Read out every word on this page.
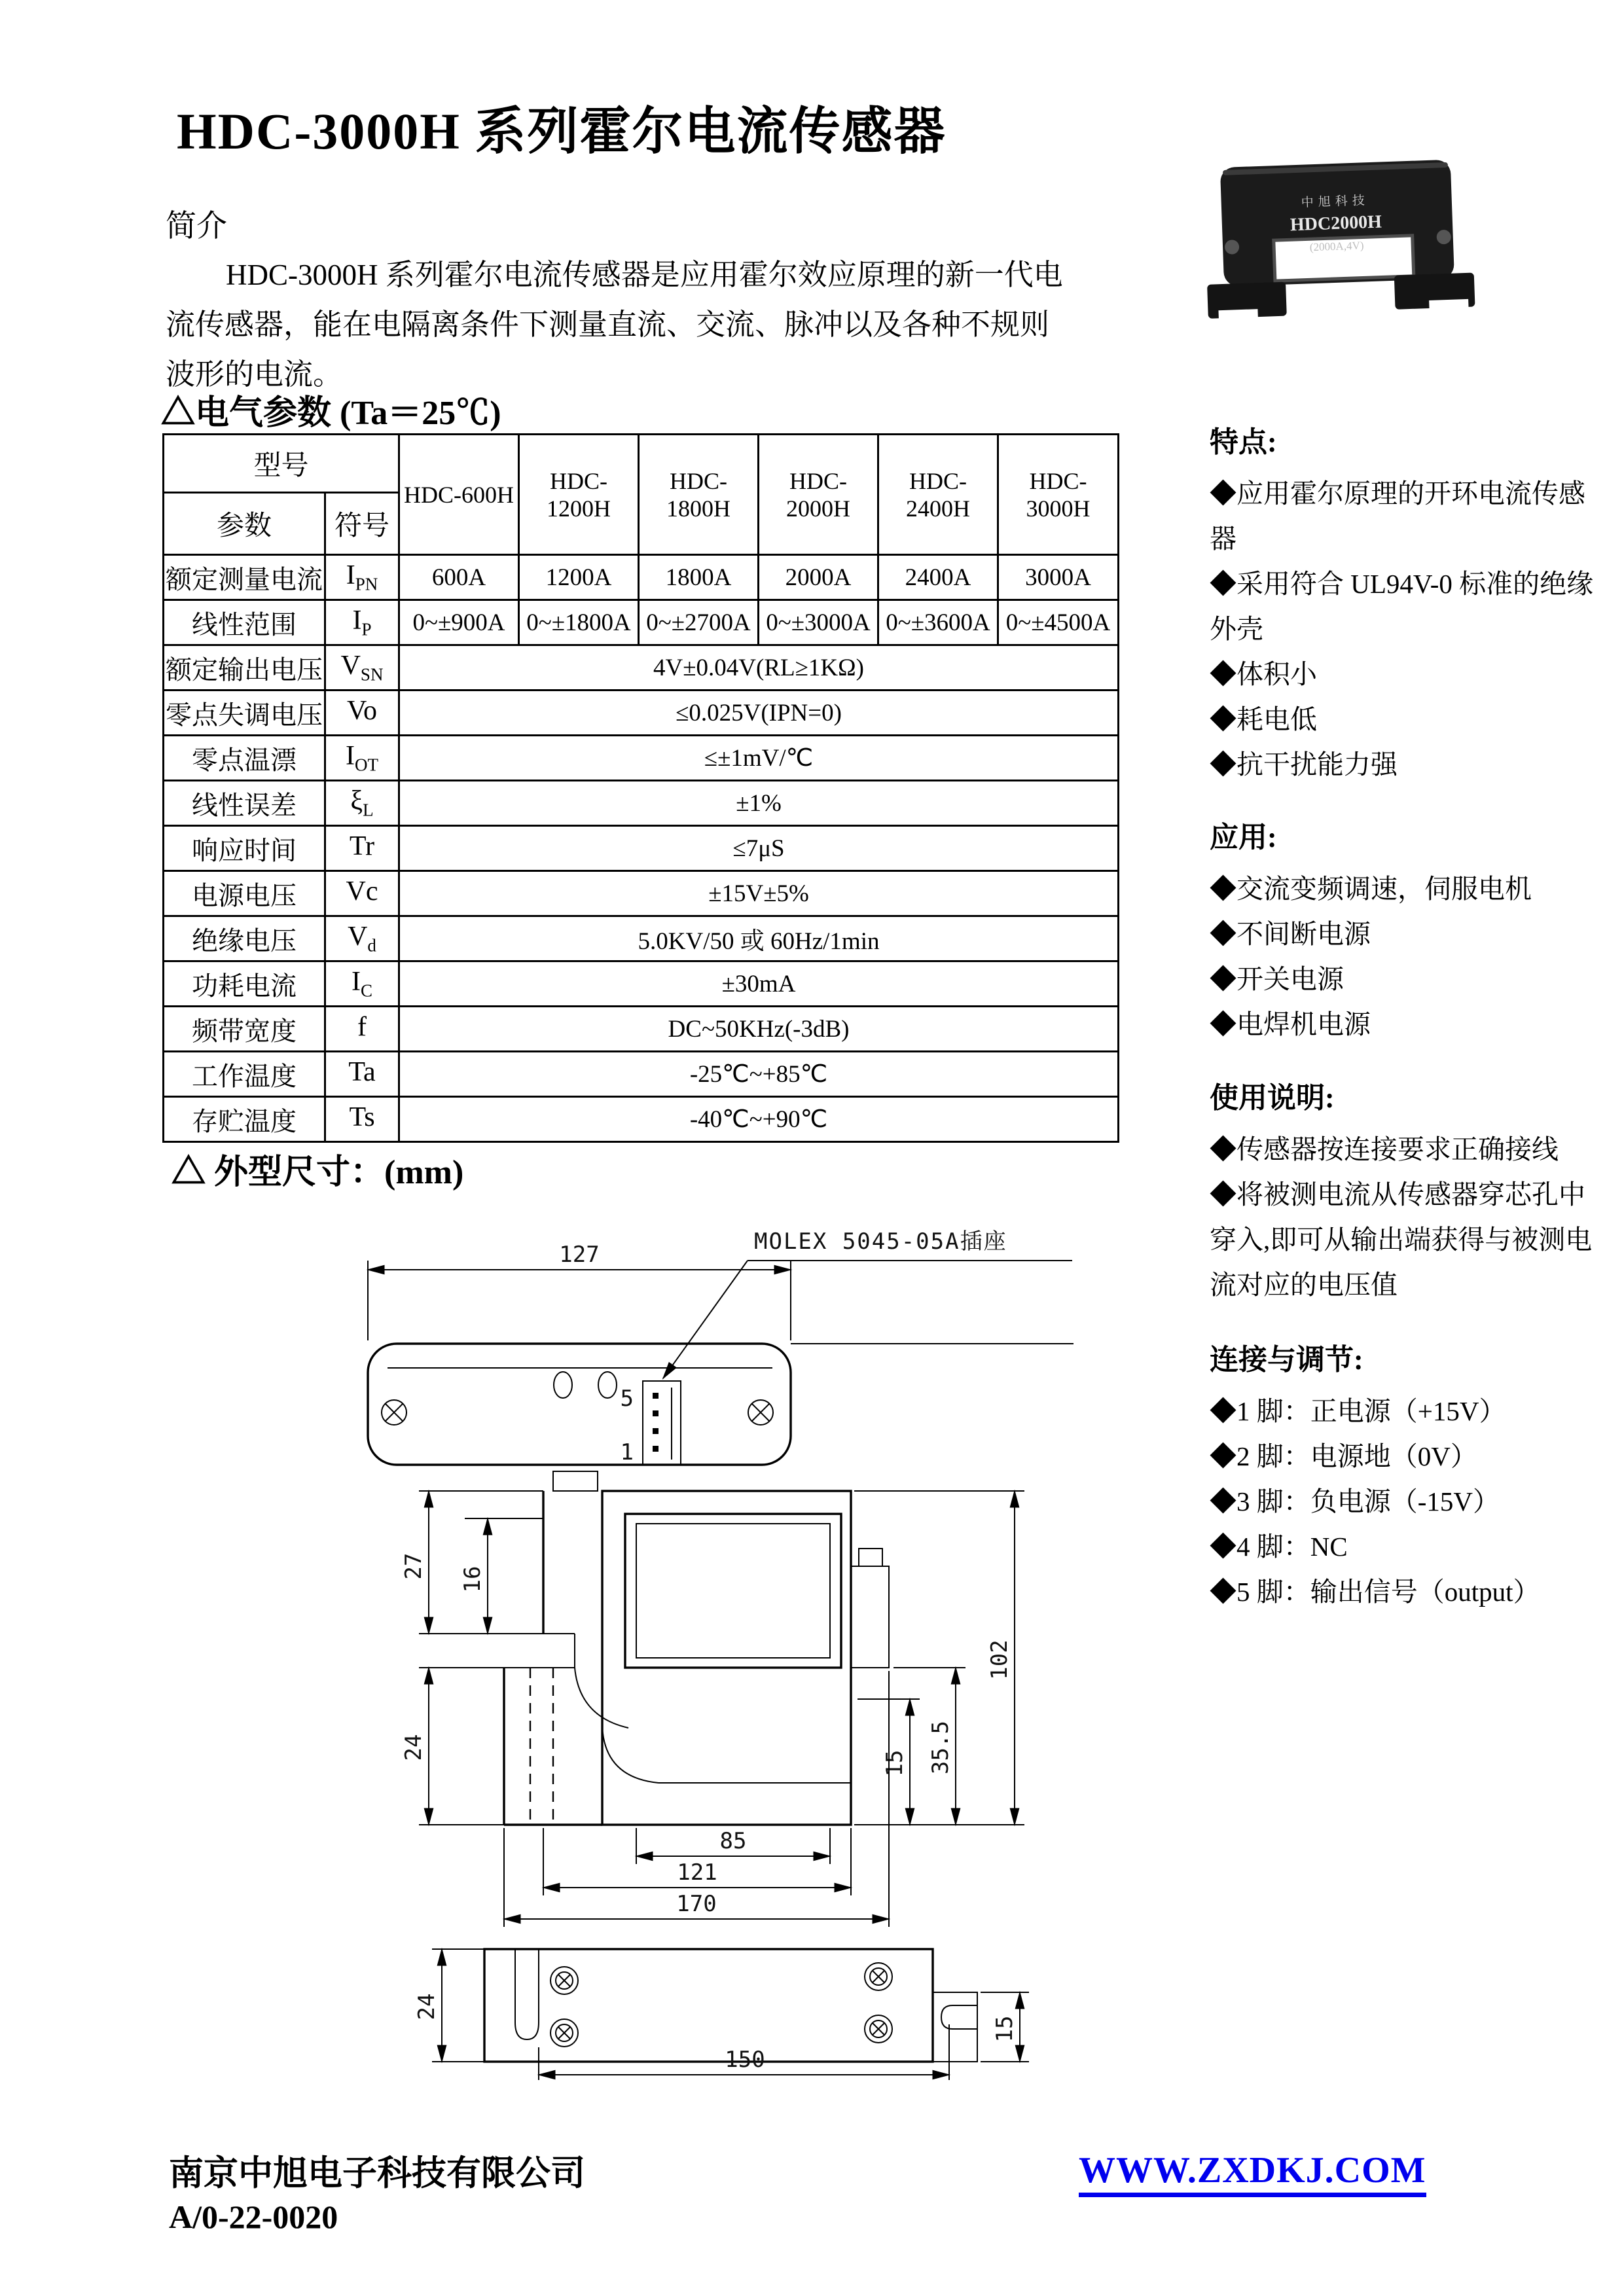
HDC-3000H 系列霍尔电流传感器
中旭科技
HDC2000H
(2000A,4V)
简介
HDC-3000H 系列霍尔电流传感器是应用霍尔效应原理的新一代电
流传感器，能在电隔离条件下测量直流、交流、脉冲以及各种不规则
波形的电流。
△电气参数 (Ta＝25℃)
型号		HDC-600H	HDC-1200H	HDC-1800H	HDC-2000H	HDC-2400H	HDC-3000H
参数	符号						
额定测量电流	$I_{PN}$	600A	1200A	1800A	2000A	2400A	3000A
线性范围	$I_P$	0~±900A	0~±1800A	0~±2700A	0~±3000A	0~±3600A	0~±4500A
额定输出电压	$V_{SN}$	4V±0.04V(RL≥1KΩ)					
零点失调电压	Vo	≤0.025V(IPN=0)					
零点温漂	$I_{OT}$	≤±1mV/℃					
线性误差	$\xi_L$	±1%					
响应时间	Tr	≤7μS					
电源电压	Vc	±15V±5%					
绝缘电压	$V_d$	5.0KV/50 或 60Hz/1min					
功耗电流	$I_C$	±30mA					
频带宽度	f	DC~50KHz(-3dB)					
工作温度	Ta	-25℃~+85℃					
存贮温度	Ts	-40℃~+90℃					
特点:
◆应用霍尔原理的开环电流传感器
◆采用符合 UL94V-0 标准的绝缘外壳
◆体积小
◆耗电低
◆抗干扰能力强
应用:
◆交流变频调速，伺服电机
◆不间断电源
◆开关电源
◆电焊机电源
使用说明:
◆传感器按连接要求正确接线
◆将被测电流从传感器穿芯孔中穿入,即可从输出端获得与被测电流对应的电压值
连接与调节:
◆1 脚：正电源（+15V）
◆2 脚：电源地（0V）
◆3 脚：负电源（-15V）
◆4 脚：NC
◆5 脚：输出信号（output）
△ 外型尺寸：(mm)
127	MOLEX 5045-05A插座
5
1
27 16
24
102
35.5
15
85
121
170
24
15
150
南京中旭电子科技有限公司
A/0-22-0020
WWW.ZXDKJ.COM
